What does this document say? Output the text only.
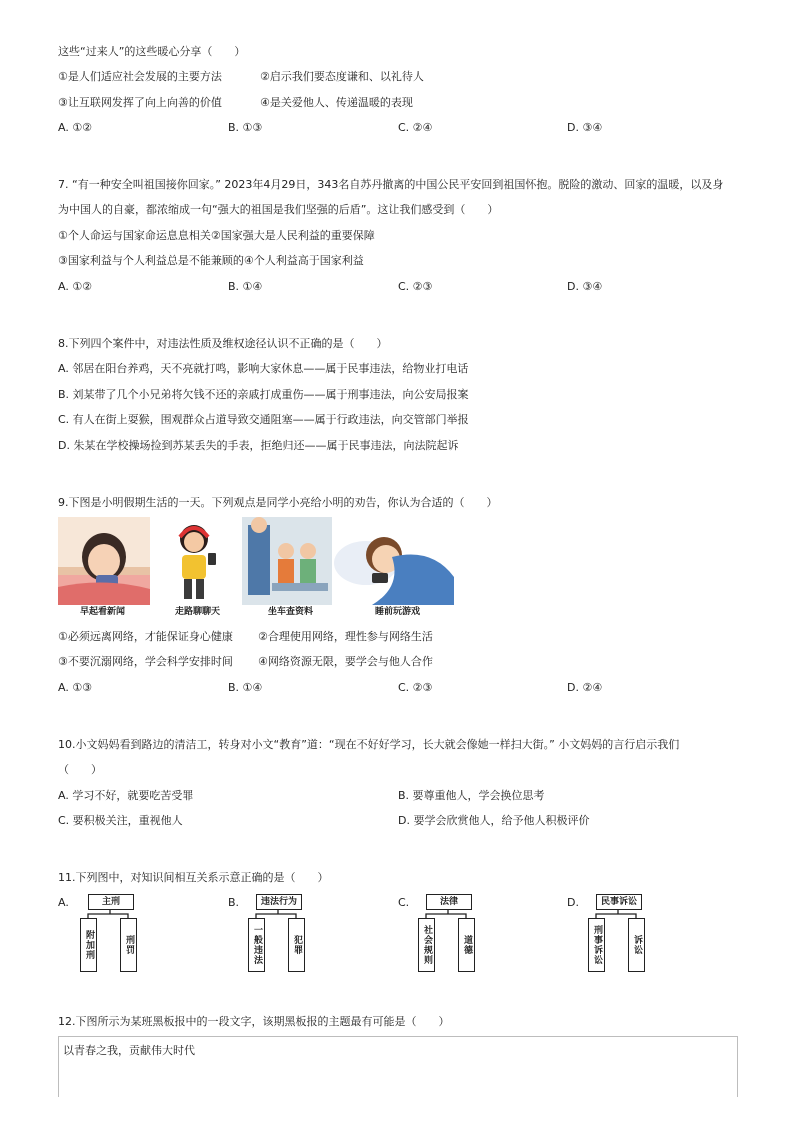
这些“过来人”的这些暖心分享（　　）
①是人们适应社会发展的主要方法	②启示我们要态度谦和、以礼待人
③让互联网发挥了向上向善的价值	④是关爱他人、传递温暖的表现
A. ①②	B. ①③	C. ②④	D. ③④
7. “有一种安全叫祖国接你回家。” 2023年4月29日，343名自苏丹撤离的中国公民平安回到祖国怀抱。脱险的激动、回家的温暖，以及身
为中国人的自豪，都浓缩成一句“强大的祖国是我们坚强的后盾”。这让我们感受到（　　）
①个人命运与国家命运息息相关②国家强大是人民利益的重要保障
③国家利益与个人利益总是不能兼顾的④个人利益高于国家利益
A. ①②	B. ①④	C. ②③	D. ③④
8.下列四个案件中，对违法性质及维权途径认识不正确的是（　　）
A. 邻居在阳台养鸡，天不亮就打鸣，影响大家休息——属于民事违法，给物业打电话
B. 刘某带了几个小兄弟将欠钱不还的亲戚打成重伤——属于刑事违法，向公安局报案
C. 有人在街上耍猴，围观群众占道导致交通阻塞——属于行政违法，向交管部门举报
D. 朱某在学校操场捡到苏某丢失的手表，拒绝归还——属于民事违法，向法院起诉
9.下图是小明假期生活的一天。下列观点是同学小亮给小明的劝告，你认为合适的（　　）
早起看新闻	走路聊聊天	坐车查资料	睡前玩游戏
①必须远离网络，才能保证身心健康 ②合理使用网络，理性参与网络生活
③不要沉溺网络，学会科学安排时间 ④网络资源无限，要学会与他人合作
A. ①③	B. ①④	C. ②③	D. ②④
10.小文妈妈看到路边的清洁工，转身对小文“教育”道：“现在不好好学习，长大就会像她一样扫大街。” 小文妈妈的言行启示我们
（　　）
A. 学习不好，就要吃苦受罪	B. 要尊重他人，学会换位思考
C. 要积极关注，重视他人	D. 要学会欣赏他人，给予他人积极评价
11.下列图中，对知识间相互关系示意正确的是（　　）
A.	主刑
附加刑	刑罚
B.	违法行为
一般违法	犯罪
C.	法律
社会规则	道德
D.	民事诉讼
刑事诉讼	诉讼
12.下图所示为某班黑板报中的一段文字，该期黑板报的主题最有可能是（　　）
以青春之我，贡献伟大时代
